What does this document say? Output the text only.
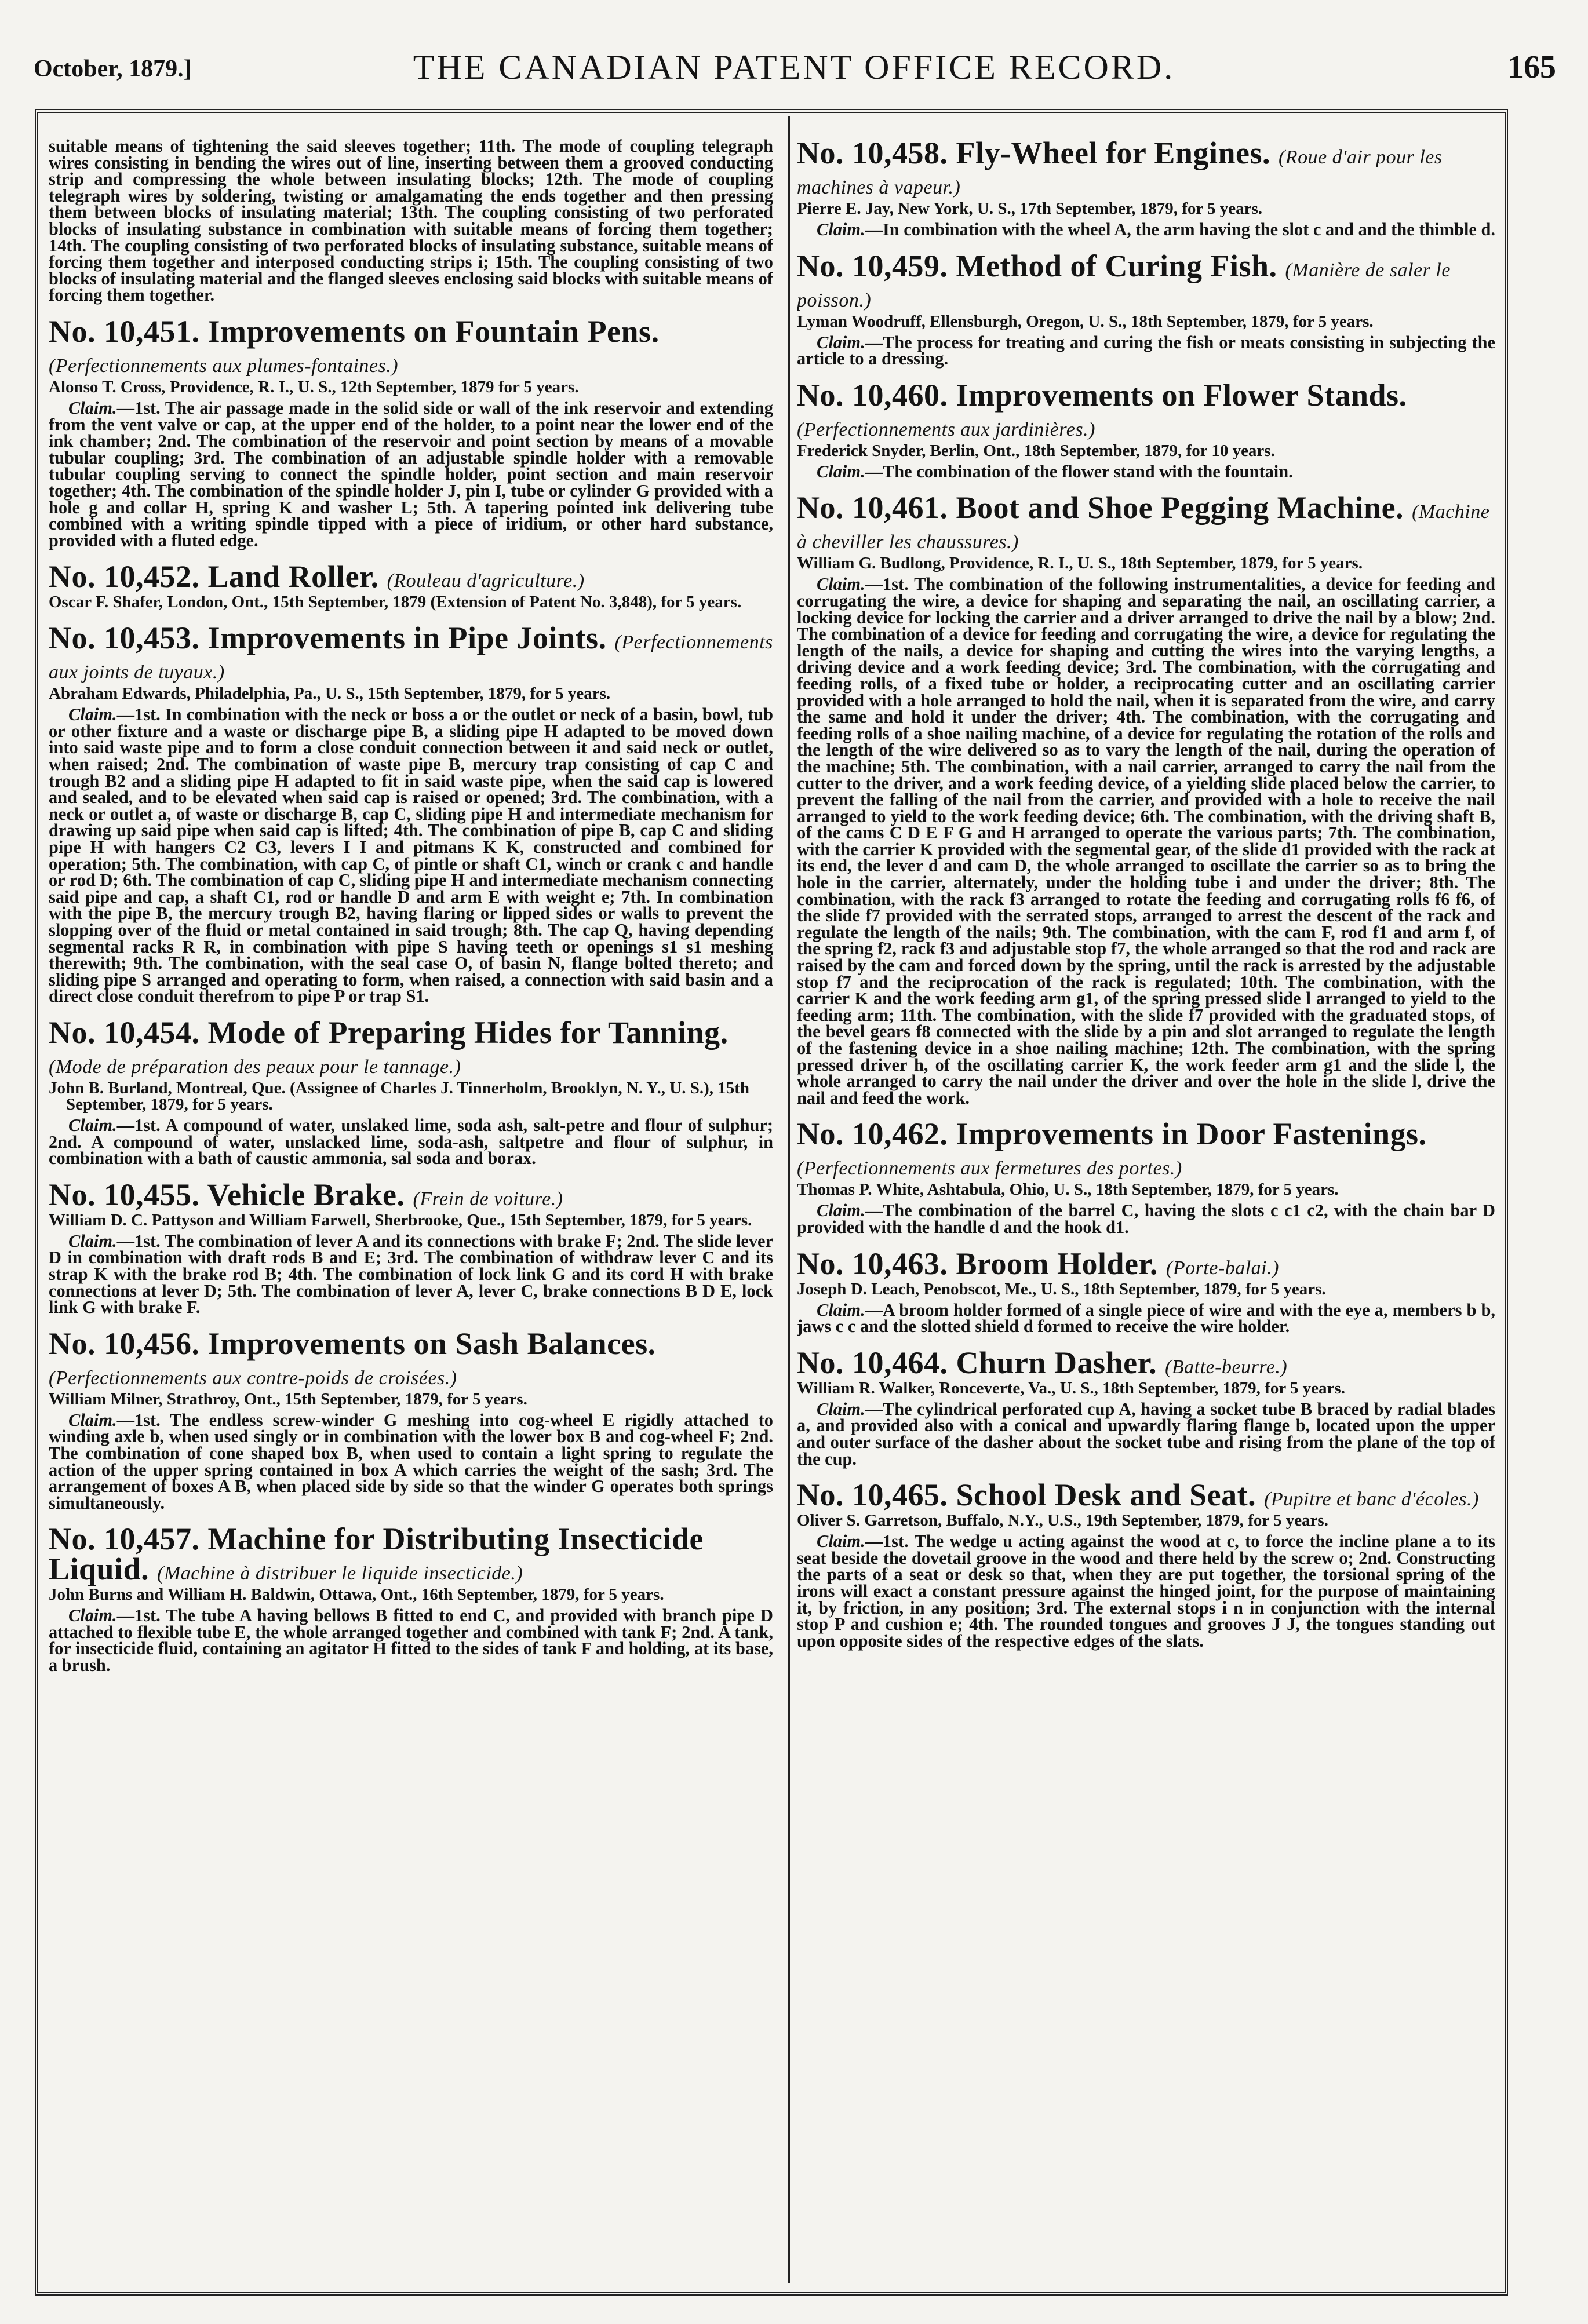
October, 1879.]	THE CANADIAN PATENT OFFICE RECORD.	165

suitable means of tightening the said sleeves together; 11th. The mode of coupling telegraph wires consisting in bending the wires out of line, inserting between them a grooved conducting strip and compressing the whole between insulating blocks; 12th. The mode of coupling telegraph wires by soldering, twisting or amalgamating the ends together and then pressing them between blocks of insulating material; 13th. The coupling consisting of two perforated blocks of insulating substance in combination with suitable means of forcing them together; 14th. The coupling consisting of two perforated blocks of insulating substance, suitable means of forcing them together and interposed conducting strips i; 15th. The coupling consisting of two blocks of insulating material and the flanged sleeves enclosing said blocks with suitable means of forcing them together.

No. 10,451. Improvements on Fountain Pens. (Perfectionnements aux plumes-fontaines.)

Alonso T. Cross, Providence, R. I., U. S., 12th September, 1879 for 5 years.

Claim.—1st. The air passage made in the solid side or wall of the ink reservoir and extending from the vent valve or cap, at the upper end of the holder, to a point near the lower end of the ink chamber; 2nd. The combination of the reservoir and point section by means of a movable tubular coupling; 3rd. The combination of an adjustable spindle holder with a removable tubular coupling serving to connect the spindle holder, point section and main reservoir together; 4th. The combination of the spindle holder J, pin I, tube or cylinder G provided with a hole g and collar H, spring K and washer L; 5th. A tapering pointed ink delivering tube combined with a writing spindle tipped with a piece of iridium, or other hard substance, provided with a fluted edge.

No. 10,452. Land Roller. (Rouleau d'agriculture.)

Oscar F. Shafer, London, Ont., 15th September, 1879 (Extension of Patent No. 3,848), for 5 years.

No. 10,453. Improvements in Pipe Joints. (Perfectionnements aux joints de tuyaux.)

Abraham Edwards, Philadelphia, Pa., U. S., 15th September, 1879, for 5 years.

Claim.—1st. In combination with the neck or boss a or the outlet or neck of a basin, bowl, tub or other fixture and a waste or discharge pipe B, a sliding pipe H adapted to be moved down into said waste pipe and to form a close conduit connection between it and said neck or outlet, when raised; 2nd. The combination of waste pipe B, mercury trap consisting of cap C and trough B2 and a sliding pipe H adapted to fit in said waste pipe, when the said cap is lowered and sealed, and to be elevated when said cap is raised or opened; 3rd. The combination, with a neck or outlet a, of waste or discharge B, cap C, sliding pipe H and intermediate mechanism for drawing up said pipe when said cap is lifted; 4th. The combination of pipe B, cap C and sliding pipe H with hangers C2 C3, levers I I and pitmans K K, constructed and combined for operation; 5th. The combination, with cap C, of pintle or shaft C1, winch or crank c and handle or rod D; 6th. The combination of cap C, sliding pipe H and intermediate mechanism connecting said pipe and cap, a shaft C1, rod or handle D and arm E with weight e; 7th. In combination with the pipe B, the mercury trough B2, having flaring or lipped sides or walls to prevent the slopping over of the fluid or metal contained in said trough; 8th. The cap Q, having depending segmental racks R R, in combination with pipe S having teeth or openings s1 s1 meshing therewith; 9th. The combination, with the seal case O, of basin N, flange bolted thereto; and sliding pipe S arranged and operating to form, when raised, a connection with said basin and a direct close conduit therefrom to pipe P or trap S1.

No. 10,454. Mode of Preparing Hides for Tanning. (Mode de préparation des peaux pour le tannage.)

John B. Burland, Montreal, Que. (Assignee of Charles J. Tinnerholm, Brooklyn, N. Y., U. S.), 15th September, 1879, for 5 years.

Claim.—1st. A compound of water, unslaked lime, soda ash, salt-petre and flour of sulphur; 2nd. A compound of water, unslacked lime, soda-ash, saltpetre and flour of sulphur, in combination with a bath of caustic ammonia, sal soda and borax.

No. 10,455. Vehicle Brake. (Frein de voiture.)

William D. C. Pattyson and William Farwell, Sherbrooke, Que., 15th September, 1879, for 5 years.

Claim.—1st. The combination of lever A and its connections with brake F; 2nd. The slide lever D in combination with draft rods B and E; 3rd. The combination of withdraw lever C and its strap K with the brake rod B; 4th. The combination of lock link G and its cord H with brake connections at lever D; 5th. The combination of lever A, lever C, brake connections B D E, lock link G with brake F.

No. 10,456. Improvements on Sash Balances. (Perfectionnements aux contre-poids de croisées.)

William Milner, Strathroy, Ont., 15th September, 1879, for 5 years.

Claim.—1st. The endless screw-winder G meshing into cog-wheel E rigidly attached to winding axle b, when used singly or in combination with the lower box B and cog-wheel F; 2nd. The combination of cone shaped box B, when used to contain a light spring to regulate the action of the upper spring contained in box A which carries the weight of the sash; 3rd. The arrangement of boxes A B, when placed side by side so that the winder G operates both springs simultaneously.

No. 10,457. Machine for Distributing Insecticide Liquid. (Machine à distribuer le liquide insecticide.)

John Burns and William H. Baldwin, Ottawa, Ont., 16th September, 1879, for 5 years.

Claim.—1st. The tube A having bellows B fitted to end C, and provided with branch pipe D attached to flexible tube E, the whole arranged together and combined with tank F; 2nd. A tank, for insecticide fluid, containing an agitator H fitted to the sides of tank F and holding, at its base, a brush.

No. 10,458. Fly-Wheel for Engines. (Roue d'air pour les machines à vapeur.)

Pierre E. Jay, New York, U. S., 17th September, 1879, for 5 years.

Claim.—In combination with the wheel A, the arm having the slot c and and the thimble d.

No. 10,459. Method of Curing Fish. (Manière de saler le poisson.)

Lyman Woodruff, Ellensburgh, Oregon, U. S., 18th September, 1879, for 5 years.

Claim.—The process for treating and curing the fish or meats consisting in subjecting the article to a dressing.

No. 10,460. Improvements on Flower Stands. (Perfectionnements aux jardinières.)

Frederick Snyder, Berlin, Ont., 18th September, 1879, for 10 years.

Claim.—The combination of the flower stand with the fountain.

No. 10,461. Boot and Shoe Pegging Machine. (Machine à cheviller les chaussures.)

William G. Budlong, Providence, R. I., U. S., 18th September, 1879, for 5 years.

Claim.—1st. The combination of the following instrumentalities, a device for feeding and corrugating the wire, a device for shaping and separating the nail, an oscillating carrier, a locking device for locking the carrier and a driver arranged to drive the nail by a blow; 2nd. The combination of a device for feeding and corrugating the wire, a device for regulating the length of the nails, a device for shaping and cutting the wires into the varying lengths, a driving device and a work feeding device; 3rd. The combination, with the corrugating and feeding rolls, of a fixed tube or holder, a reciprocating cutter and an oscillating carrier provided with a hole arranged to hold the nail, when it is separated from the wire, and carry the same and hold it under the driver; 4th. The combination, with the corrugating and feeding rolls of a shoe nailing machine, of a device for regulating the rotation of the rolls and the length of the wire delivered so as to vary the length of the nail, during the operation of the machine; 5th. The combination, with a nail carrier, arranged to carry the nail from the cutter to the driver, and a work feeding device, of a yielding slide placed below the carrier, to prevent the falling of the nail from the carrier, and provided with a hole to receive the nail arranged to yield to the work feeding device; 6th. The combination, with the driving shaft B, of the cams C D E F G and H arranged to operate the various parts; 7th. The combination, with the carrier K provided with the segmental gear, of the slide d1 provided with the rack at its end, the lever d and cam D, the whole arranged to oscillate the carrier so as to bring the hole in the carrier, alternately, under the holding tube i and under the driver; 8th. The combination, with the rack f3 arranged to rotate the feeding and corrugating rolls f6 f6, of the slide f7 provided with the serrated stops, arranged to arrest the descent of the rack and regulate the length of the nails; 9th. The combination, with the cam F, rod f1 and arm f, of the spring f2, rack f3 and adjustable stop f7, the whole arranged so that the rod and rack are raised by the cam and forced down by the spring, until the rack is arrested by the adjustable stop f7 and the reciprocation of the rack is regulated; 10th. The combination, with the carrier K and the work feeding arm g1, of the spring pressed slide l arranged to yield to the feeding arm; 11th. The combination, with the slide f7 provided with the graduated stops, of the bevel gears f8 connected with the slide by a pin and slot arranged to regulate the length of the fastening device in a shoe nailing machine; 12th. The combination, with the spring pressed driver h, of the oscillating carrier K, the work feeder arm g1 and the slide l, the whole arranged to carry the nail under the driver and over the hole in the slide l, drive the nail and feed the work.

No. 10,462. Improvements in Door Fastenings. (Perfectionnements aux fermetures des portes.)

Thomas P. White, Ashtabula, Ohio, U. S., 18th September, 1879, for 5 years.

Claim.—The combination of the barrel C, having the slots c c1 c2, with the chain bar D provided with the handle d and the hook d1.

No. 10,463. Broom Holder. (Porte-balai.)

Joseph D. Leach, Penobscot, Me., U. S., 18th September, 1879, for 5 years.

Claim.—A broom holder formed of a single piece of wire and with the eye a, members b b, jaws c c and the slotted shield d formed to receive the wire holder.

No. 10,464. Churn Dasher. (Batte-beurre.)

William R. Walker, Ronceverte, Va., U. S., 18th September, 1879, for 5 years.

Claim.—The cylindrical perforated cup A, having a socket tube B braced by radial blades a, and provided also with a conical and upwardly flaring flange b, located upon the upper and outer surface of the dasher about the socket tube and rising from the plane of the top of the cup.

No. 10,465. School Desk and Seat. (Pupitre et banc d'écoles.)

Oliver S. Garretson, Buffalo, N.Y., U.S., 19th September, 1879, for 5 years.

Claim.—1st. The wedge u acting against the wood at c, to force the incline plane a to its seat beside the dovetail groove in the wood and there held by the screw o; 2nd. Constructing the parts of a seat or desk so that, when they are put together, the torsional spring of the irons will exact a constant pressure against the hinged joint, for the purpose of maintaining it, by friction, in any position; 3rd. The external stops i n in conjunction with the internal stop P and cushion e; 4th. The rounded tongues and grooves J J, the tongues standing out upon opposite sides of the respective edges of the slats.
